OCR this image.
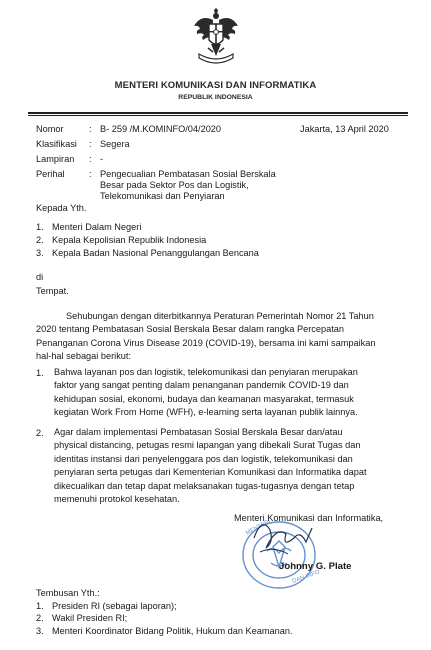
MENTERI KOMUNIKASI DAN INFORMATIKA
REPUBLIK INDONESIA
Nomor	: B- 259 /M.KOMINFO/04/2020	Jakarta, 13 April 2020
Klasifikasi	: Segera
Lampiran	: -
Perihal	: Pengecualian Pembatasan Sosial Berskala
Besar pada Sektor Pos dan Logistik,
Telekomunikasi dan Penyiaran
Kepada Yth.
1. Menteri Dalam Negeri
2. Kepala Kepolisian Republik Indonesia
3. Kepala Badan Nasional Penanggulangan Bencana
di
Tempat.
Sehubungan dengan diterbitkannya Peraturan Pemerintah Nomor 21 Tahun
2020 tentang Pembatasan Sosial Berskala Besar dalam rangka Percepatan
Penanganan Corona Virus Disease 2019 (COVID-19), bersama ini kami sampaikan
hal-hal sebagai berikut:
1. Bahwa layanan pos dan logistik, telekomunikasi dan penyiaran merupakan
faktor yang sangat penting dalam penanganan pandemik COVID-19 dan
kehidupan sosial, ekonomi, budaya dan keamanan masyarakat, termasuk
kegiatan Work From Home (WFH), e-learning serta layanan publik lainnya.
2. Agar dalam implementasi Pembatasan Sosial Berskala Besar dan/atau
physical distancing, petugas resmi lapangan yang dibekali Surat Tugas dan
identitas instansi dari penyelenggara pos dan logistik, telekomunikasi dan
penyiaran serta petugas dari Kementerian Komunikasi dan Informatika dapat
dikecualikan dan tetap dapat melaksanakan tugas-tugasnya dengan tetap
memenuhi protokol kesehatan.
MENTERI
DAN INFO
Menteri Komunikasi dan Informatika,
Johnny G. Plate
Tembusan Yth.:
1. Presiden RI (sebagai laporan);
2. Wakil Presiden RI;
3. Menteri Koordinator Bidang Politik, Hukum dan Keamanan.
